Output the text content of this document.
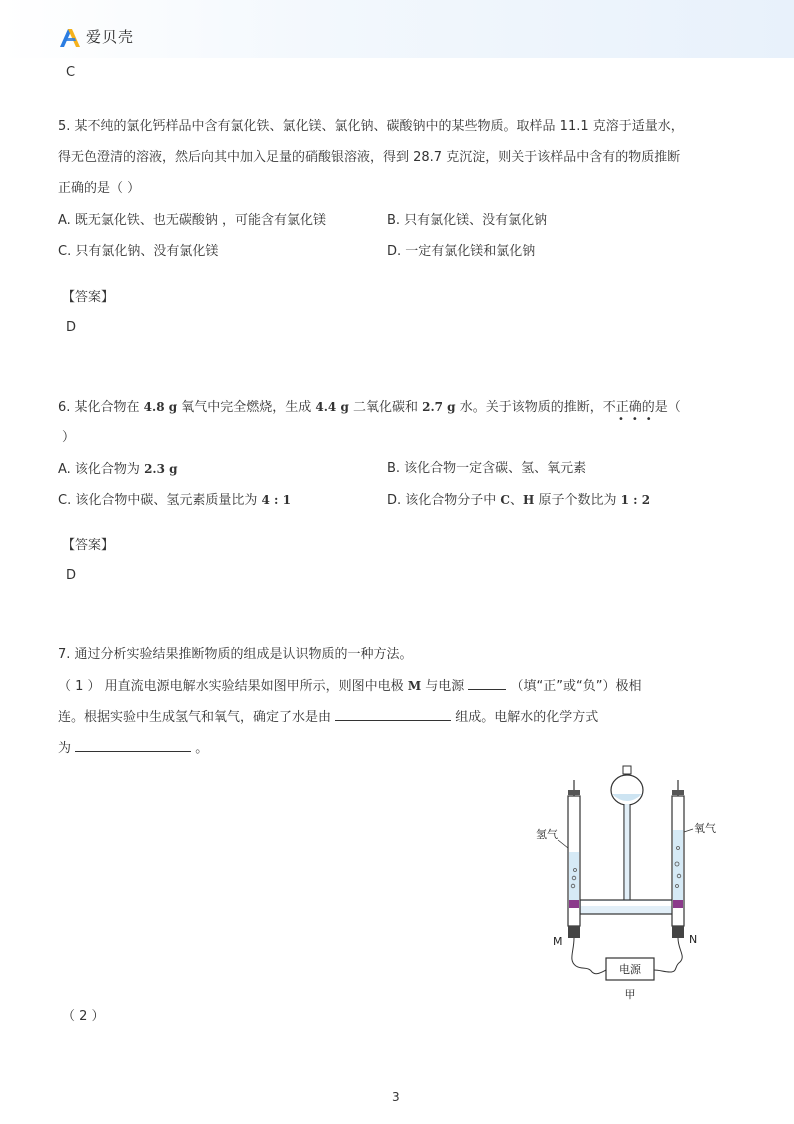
爱贝壳
C
5. 某不纯的氯化钙样品中含有氯化铁、氯化镁、氯化钠、碳酸钠中的某些物质。取样品 11.1 克溶于适量水，
得无色澄清的溶液，然后向其中加入足量的硝酸银溶液，得到 28.7 克沉淀，则关于该样品中含有的物质推断
正确的是（ ）
A. 既无氯化铁、也无碳酸钠 ，可能含有氯化镁	B. 只有氯化镁、没有氯化钠
C. 只有氯化钠、没有氯化镁	D. 一定有氯化镁和氯化钠
【答案】
D
6. 某化合物在 4.8 g 氧气中完全燃烧，生成 4.4 g 二氧化碳和 2.7 g 水。关于该物质的推断，不正确的是（
•••
）
A. 该化合物为 2.3 g	B. 该化合物一定含碳、氢、氧元素
C. 该化合物中碳、氢元素质量比为 4 : 1	D. 该化合物分子中 C、H 原子个数比为 1 : 2
【答案】
D
7. 通过分析实验结果推断物质的组成是认识物质的一种方法。
（ 1 ） 用直流电源电解水实验结果如图甲所示，则图中电极 M 与电源	（填“正”或“负”）极相
连。根据实验中生成氢气和氧气，确定了水是由	组成。电解水的化学方式
为	。
氢气	氧气
M	N
电源
甲
（ 2 ）
3
